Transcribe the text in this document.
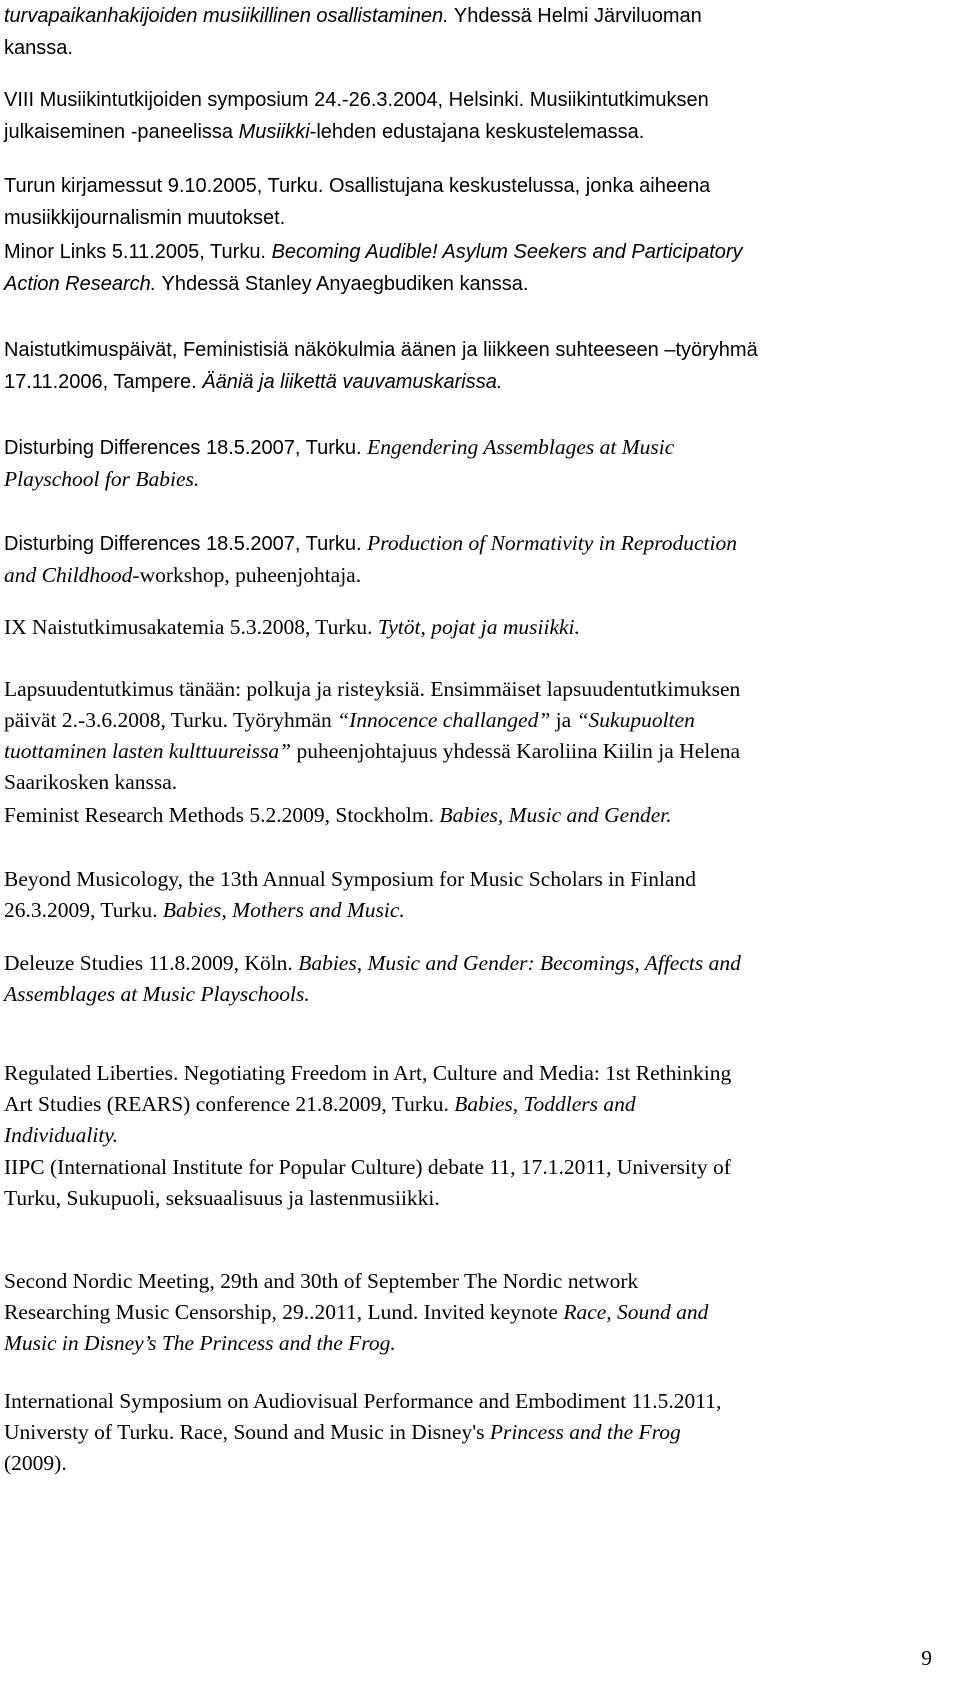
turvapaikanhakijoiden musiikillinen osallistaminen. Yhdessä Helmi Järviluoman
kanssa.

VIII Musiikintutkijoiden symposium 24.-26.3.2004, Helsinki. Musiikintutkimuksen
julkaiseminen -paneelissa Musiikki-lehden edustajana keskustelemassa.

Turun kirjamessut 9.10.2005, Turku. Osallistujana keskustelussa, jonka aiheena
musiikkijournalismin muutokset.

Minor Links 5.11.2005, Turku. Becoming Audible! Asylum Seekers and Participatory
Action Research. Yhdessä Stanley Anyaegbudiken kanssa.

Naistutkimuspäivät, Feministisiä näkökulmia äänen ja liikkeen suhteeseen –työryhmä
17.11.2006, Tampere. Ääniä ja liikettä vauvamuskarissa.

Disturbing Differences 18.5.2007, Turku. Engendering Assemblages at Music
Playschool for Babies.

Disturbing Differences 18.5.2007, Turku. Production of Normativity in Reproduction
and Childhood-workshop, puheenjohtaja.

IX Naistutkimusakatemia 5.3.2008, Turku. Tytöt, pojat ja musiikki.

Lapsuudentutkimus tänään: polkuja ja risteyksiä. Ensimmäiset lapsuudentutkimuksen
päivät 2.-3.6.2008, Turku. Työryhmän “Innocence challanged” ja “Sukupuolten
tuottaminen lasten kulttuureissa” puheenjohtajuus yhdessä Karoliina Kiilin ja Helena
Saarikosken kanssa.

Feminist Research Methods 5.2.2009, Stockholm. Babies, Music and Gender.

Beyond Musicology, the 13th Annual Symposium for Music Scholars in Finland
26.3.2009, Turku. Babies, Mothers and Music.

Deleuze Studies 11.8.2009, Köln. Babies, Music and Gender: Becomings, Affects and
Assemblages at Music Playschools.

Regulated Liberties. Negotiating Freedom in Art, Culture and Media: 1st Rethinking
Art Studies (REARS) conference 21.8.2009, Turku. Babies, Toddlers and
Individuality.

IIPC (International Institute for Popular Culture) debate 11, 17.1.2011, University of
Turku, Sukupuoli, seksuaalisuus ja lastenmusiikki.

Second Nordic Meeting, 29th and 30th of September The Nordic network
Researching Music Censorship, 29..2011, Lund. Invited keynote Race, Sound and
Music in Disney’s The Princess and the Frog.

International Symposium on Audiovisual Performance and Embodiment 11.5.2011,
Universty of Turku. Race, Sound and Music in Disney's Princess and the Frog
(2009).

9
